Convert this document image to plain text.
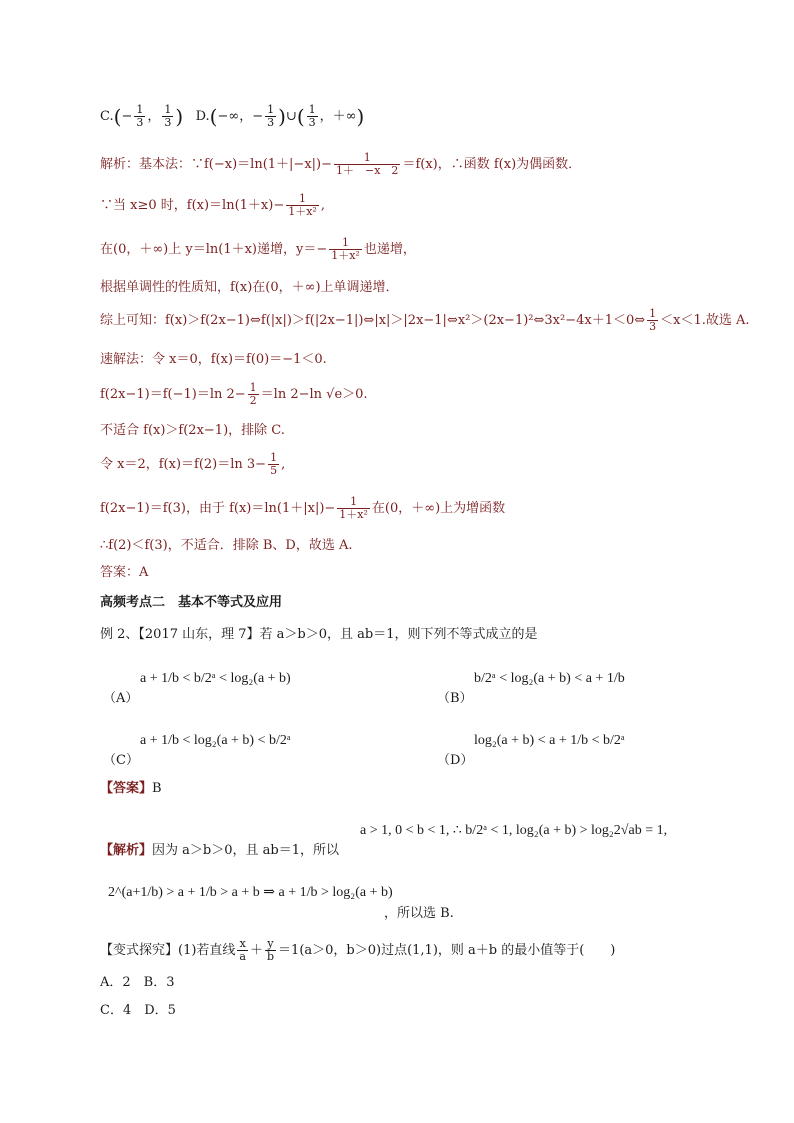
$C.(- \frac{1}{3}$ ， $\frac{1}{3}$ ) D.(−∞，− $\frac{1}{3}$ )∪( $\frac{1}{3}$ ，＋∞)
解析：基本法：∵f(−x)＝ln(1＋|−x|)− $\frac{1}{1+ -x 2} =f(x)$，∴函数 f(x)为偶函数．
∵当 x≥0 时，$f(x)=\ln(1+x)- \frac{1}{\text{1＋x²}}$ ,
在(0，＋∞)上 y＝ln(1＋x)递增，$y=- \frac{1}{\text{1＋x²}}$ 也递增，
根据单调性的性质知，f(x)在(0，＋∞)上单调递增．
综上可知：f(x)＞f(2x−1)⇔f(|x|)＞f(|2x−1|)⇔|x|＞|2x−1|⇔x²＞(2x−1)²⇔3x²−4x＋1＜0⇔ $\frac{1}{3} <x<1$.故选 A.
速解法：令 x＝0，f(x)＝f(0)＝−1＜0.
f(2x−1)＝f(−1)＝ln $2- \frac{1}{2} =\ln$ 2−ln √e＞0.
不适合 f(x)＞f(2x−1)，排除 C.
令 x＝2，f(x)＝f(2)＝ln $3- \frac{1}{5}$ ,
f(2x−1)＝f(3)，由于 $f(x)=\ln(1+|x|)- \frac{1}{\text{1＋x²}}$ 在(0，＋∞)上为增函数
∴f(2)＜f(3)，不适合．排除 B、D，故选 A.
答案：A
高频考点二　基本不等式及应用
例 2、【2017 山东，理 7】若 a＞b＞0，且 ab＝1，则下列不等式成立的是
（A）
a + 1/b < b/2ᵃ < log₂(a + b)
（B）
b/2ᵃ < log₂(a + b) < a + 1/b
（C）
a + 1/b < log₂(a + b) < b/2ᵃ
（D）
log₂(a + b) < a + 1/b < b/2ᵃ
【答案】B
a > 1, 0 < b < 1, ∴ b/2ᵃ < 1, log₂(a + b) > log₂2√ab = 1,
【解析】因为 a＞b＞0，且 ab＝1，所以
2^(a+1/b) > a + 1/b > a + b ⇒ a + 1/b > log₂(a + b)
，所以选 B.
【变式探究】(1)若直线 $\frac{x}{a} + \frac{y}{b} =1(a>0$，b＞0)过点(1,1)，则 a＋b 的最小值等于(　　)
A．2　B．3
C．4　D．5
